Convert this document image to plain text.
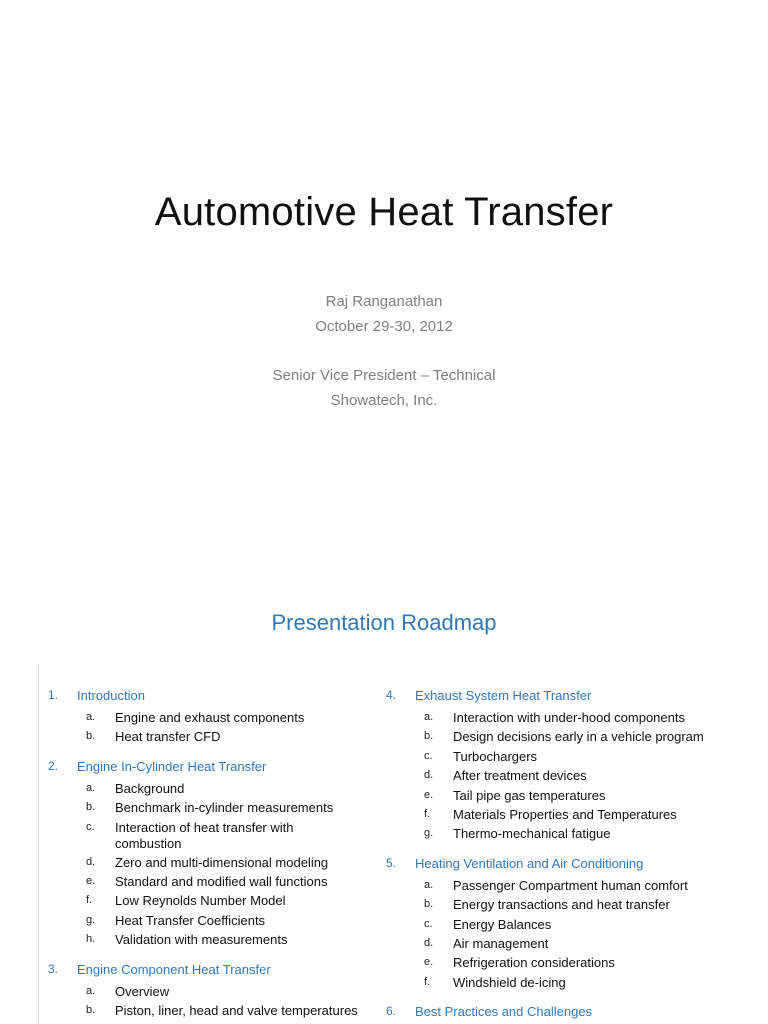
Automotive Heat Transfer
Raj Ranganathan
October 29-30, 2012
Senior Vice President – Technical
Showatech, Inc.
Presentation Roadmap
1. Introduction
a. Engine and exhaust components
b. Heat transfer CFD
2. Engine In-Cylinder Heat Transfer
a. Background
b. Benchmark in-cylinder measurements
c. Interaction of heat transfer with combustion
d. Zero and multi-dimensional modeling
e. Standard and modified wall functions
f. Low Reynolds Number Model
g. Heat Transfer Coefficients
h. Validation with measurements
3. Engine Component Heat Transfer
a. Overview
b. Piston, liner, head and valve temperatures
4. Exhaust System Heat Transfer
a. Interaction with under-hood components
b. Design decisions early in a vehicle program
c. Turbochargers
d. After treatment devices
e. Tail pipe gas temperatures
f. Materials Properties and Temperatures
g. Thermo-mechanical fatigue
5. Heating Ventilation and Air Conditioning
a. Passenger Compartment human comfort
b. Energy transactions and heat transfer
c. Energy Balances
d. Air management
e. Refrigeration considerations
f. Windshield de-icing
6. Best Practices and Challenges
